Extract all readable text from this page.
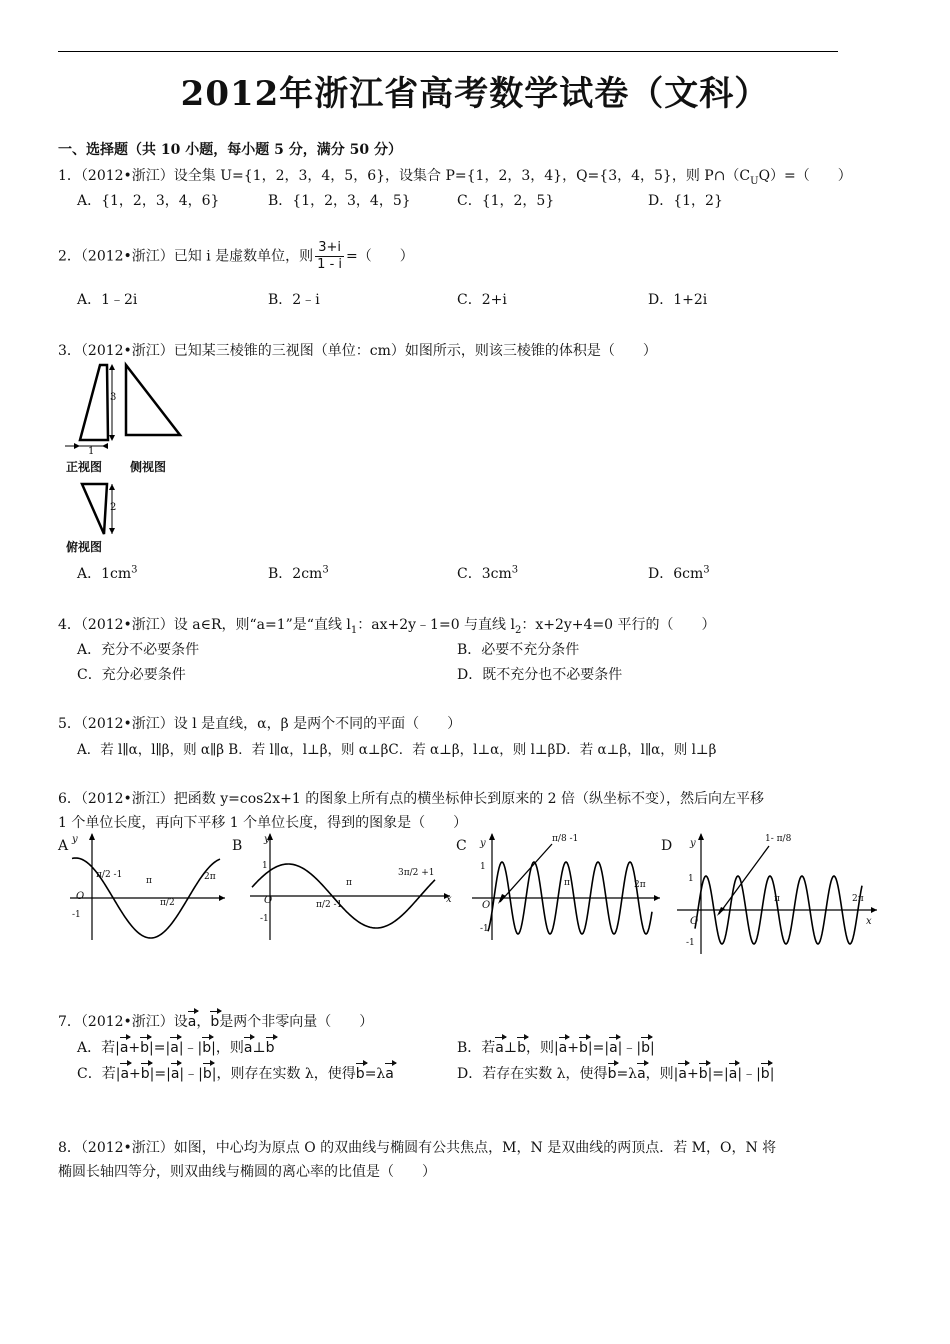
2012年浙江省高考数学试卷（文科）
一、选择题（共 10 小题，每小题 5 分，满分 50 分）
1．（2012•浙江）设全集 U={1，2，3，4，5，6}，设集合 P={1，2，3，4}，Q={3，4，5}，则 $P\cap(C_UQ)=$（　　）
A．{1，2，3，4，6}	B．{1，2，3，4，5}	C．{1，2，5}	D．{1，2}
2．（2012•浙江）已知 i 是虚数单位，则 $\frac{3+i}{1 - i}$ =（　　）
A．1﹣2i	B．2﹣i	C．2+i	D．1+2i
3．（2012•浙江）已知某三棱锥的三视图（单位：cm）如图所示，则该三棱锥的体积是（　　）
3
1
2
正视图 侧视图
俯视图
A．$1cm^3$	B．$2cm^3$	C．$3cm^3$	D．$6cm^3$
4．（2012•浙江）设 a∈R，则“a=1”是“直线 $l_1$：ax+2y﹣1=0 与直线 $l_2$：x+2y+4=0 平行的（　　）
A．充分不必要条件	B．必要不充分条件
C．充分必要条件	D．既不充分也不必要条件
5．（2012•浙江）设 l 是直线，α，β 是两个不同的平面（　　）
A．若 l∥α，l∥β，则 α∥β B．若 l∥α，l⊥β，则 α⊥βC．若 α⊥β，l⊥α，则 l⊥βD．若 α⊥β，l∥α，则 l⊥β
6．（2012•浙江）把函数 y=cos2x+1 的图象上所有点的横坐标伸长到原来的 2 倍（纵坐标不变），然后向左平移
1 个单位长度，再向下平移 1 个单位长度，得到的图象是（　　）
A	B	C	D
y
O
-1
π/2 -1
π
π/2
2π
y
1
O
-1
π/2 -1
π
3π/2 +1
x
y
1
O
-1
π/8 -1
π	2π
y
1
O
-1
1- π/8
π	2π
x
7．（2012•浙江）设a，b是两个非零向量（　　）
A．若|a+b|=|a|﹣|b|，则a⊥b	B．若a⊥b，则|a+b|=|a|﹣|b|
C．若|a+b|=|a|﹣|b|，则存在实数 λ，使得b=λa	D．若存在实数 λ，使得b=λa，则|a+b|=|a|﹣|b|
8．（2012•浙江）如图，中心均为原点 O 的双曲线与椭圆有公共焦点，M，N 是双曲线的两顶点．若 M，O，N 将
椭圆长轴四等分，则双曲线与椭圆的离心率的比值是（　　）
